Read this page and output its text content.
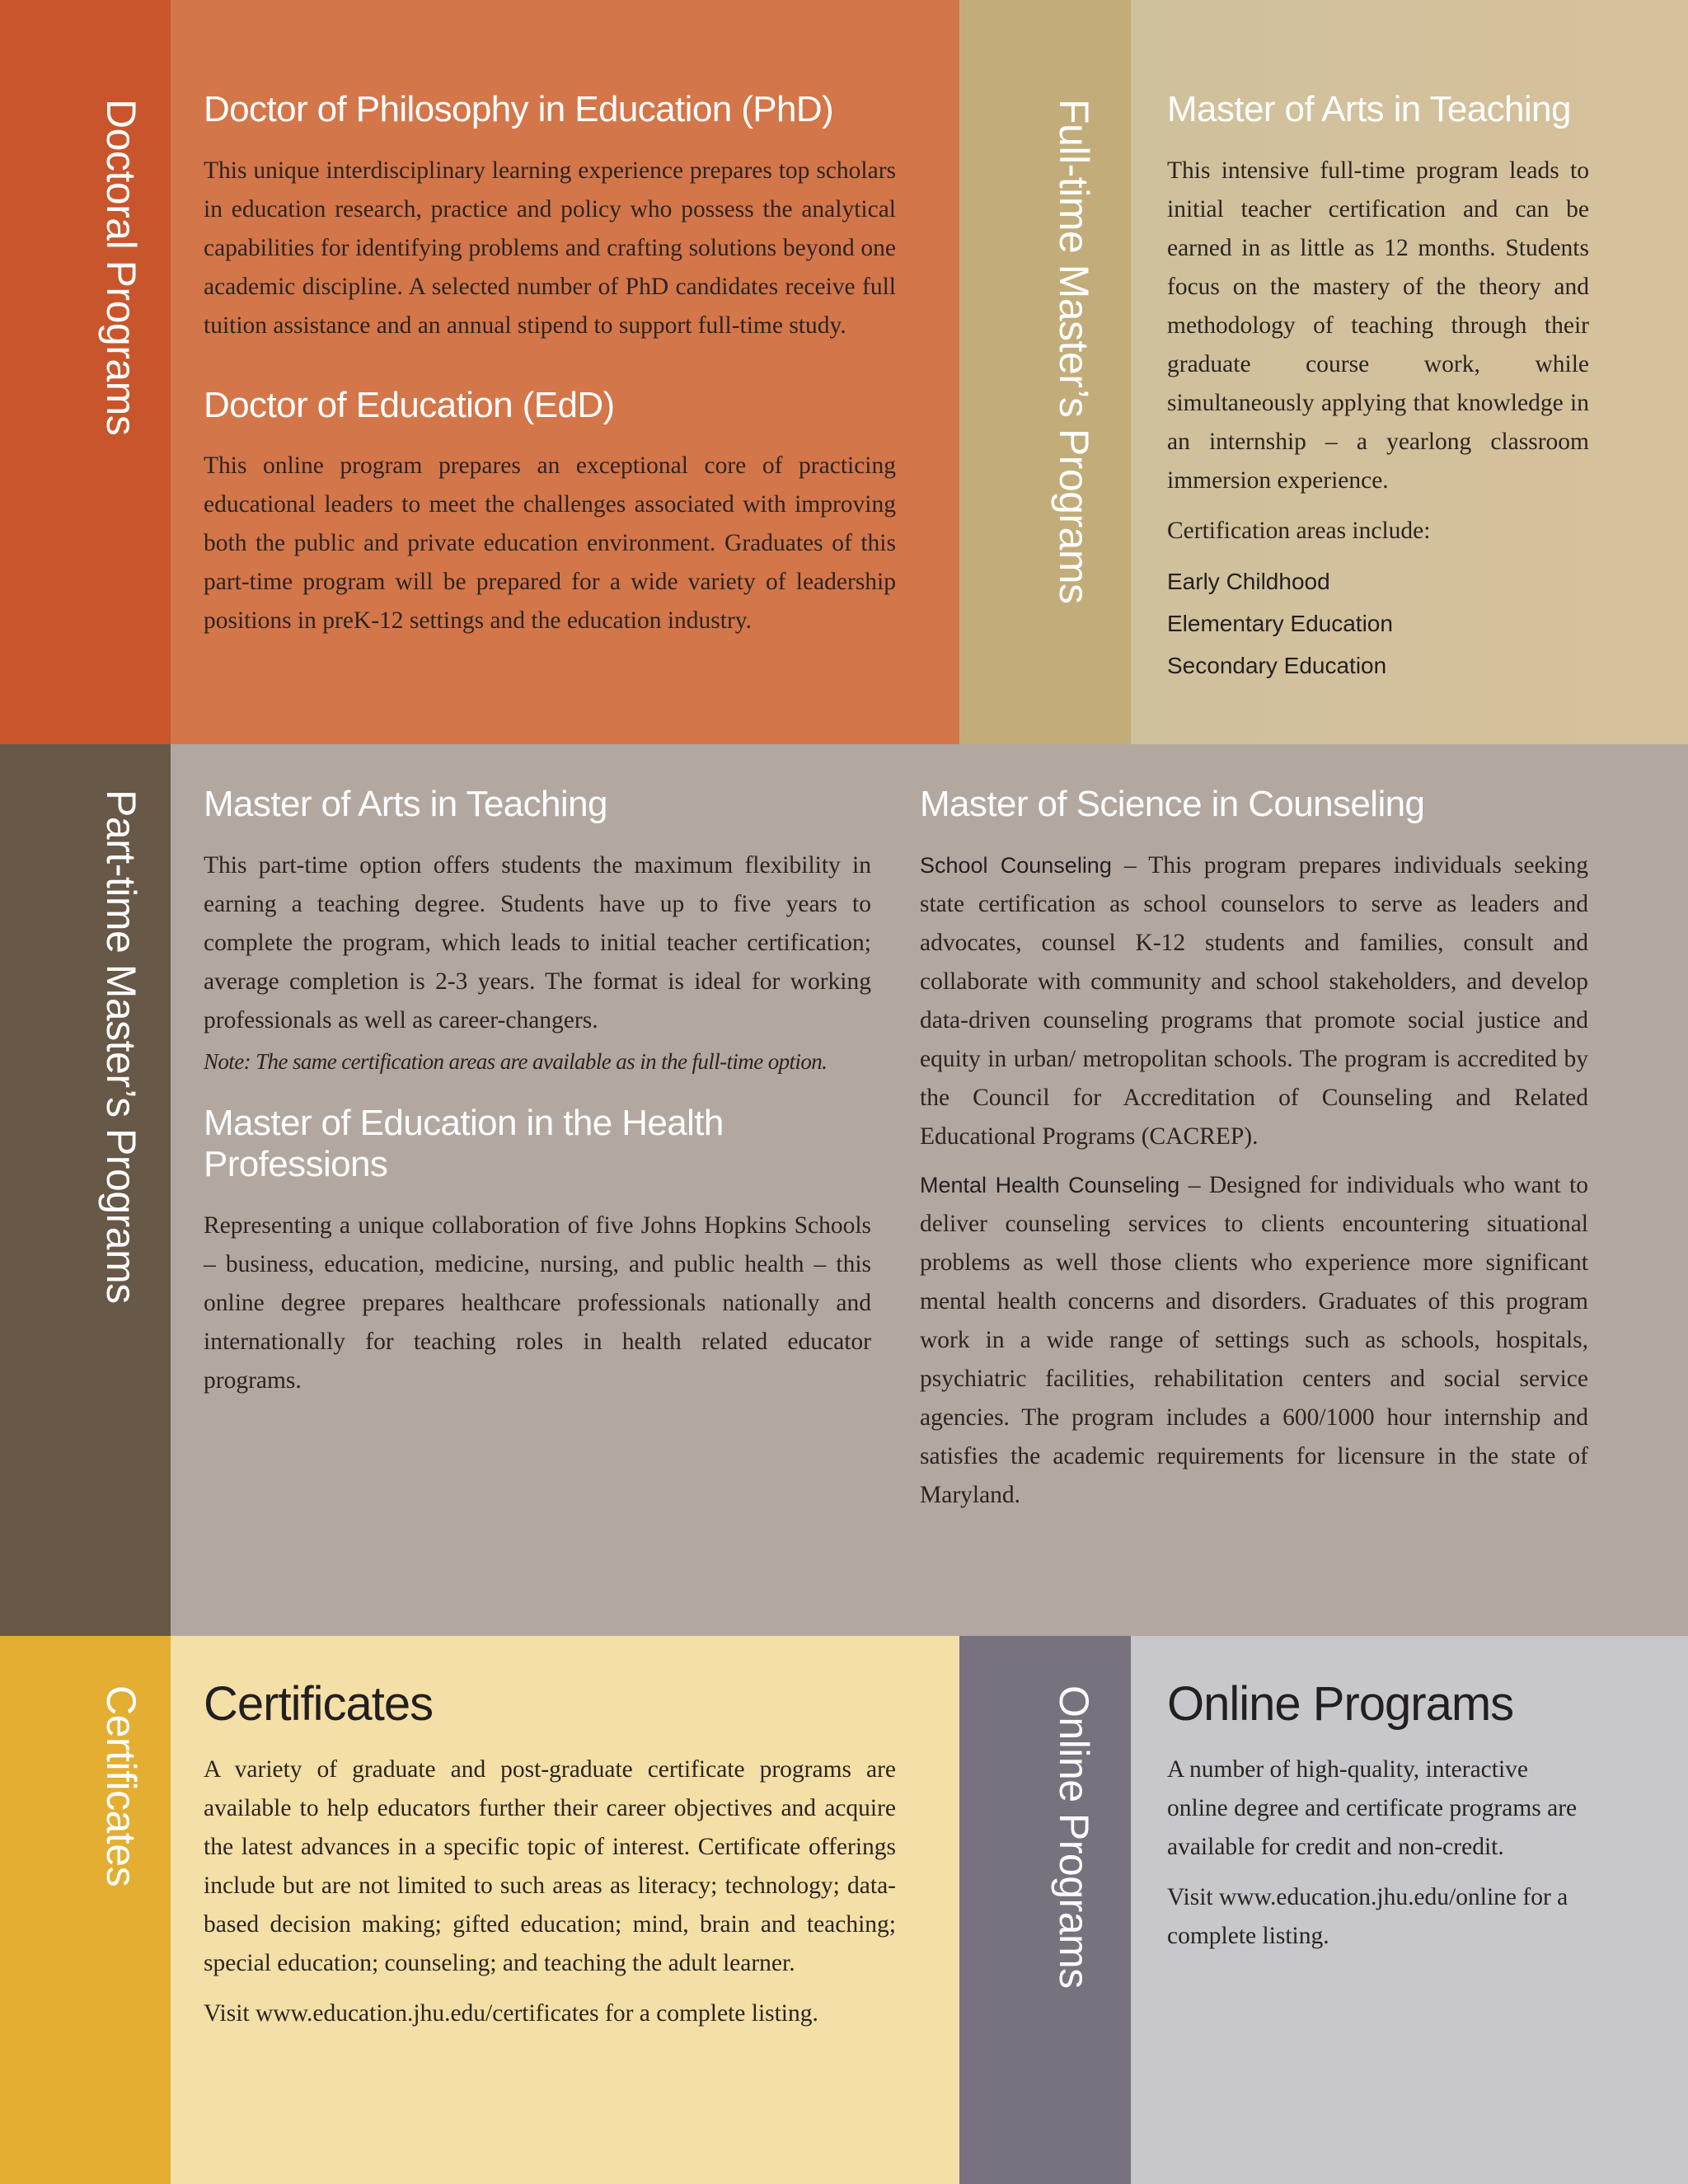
Doctoral Programs Doctor of Philosophy in Education (PhD)

This unique interdisciplinary learning experience prepares top scholars in education research, practice and policy who possess the analytical capabilities for identifying problems and crafting solutions beyond one academic discipline. A selected number of PhD candidates receive full tuition assistance and an annual stipend to support full-time study.

Doctor of Education (EdD)

This online program prepares an exceptional core of practicing educational leaders to meet the challenges associated with improving both the public and private education environment. Graduates of this part-time program will be prepared for a wide variety of leadership positions in preK-12 settings and the education industry.

Full-time Master’s Programs Master of Arts in Teaching

This intensive full-time program leads to initial teacher certification and can be earned in as little as 12 months. Students focus on the mastery of the theory and methodology of teaching through their graduate course work, while simultaneously applying that knowledge in an internship – a yearlong classroom immersion experience.

Certification areas include:

Early Childhood
Elementary Education
Secondary Education
Part-time Master’s Programs Master of Arts in Teaching

This part-time option offers students the maximum flexibility in earning a teaching degree. Students have up to five years to complete the program, which leads to initial teacher certification; average completion is 2-3 years. The format is ideal for working professionals as well as career-changers.

Note: The same certification areas are available as in the full-time option.

Master of Education in the Health Professions

Representing a unique collaboration of five Johns Hopkins Schools – business, education, medicine, nursing, and public health – this online degree prepares healthcare professionals nationally and internationally for teaching roles in health related educator programs.

Master of Science in Counseling

School Counseling – This program prepares individuals seeking state certification as school counselors to serve as leaders and advocates, counsel K-12 students and families, consult and collaborate with community and school stakeholders, and develop data-driven counseling programs that promote social justice and equity in urban/ metropolitan schools. The program is accredited by the Council for Accreditation of Counseling and Related Educational Programs (CACREP).

Mental Health Counseling – Designed for individuals who want to deliver counseling services to clients encountering situational problems as well those clients who experience more significant mental health concerns and disorders. Graduates of this program work in a wide range of settings such as schools, hospitals, psychiatric facilities, rehabilitation centers and social service agencies. The program includes a 600/1000 hour internship and satisfies the academic requirements for licensure in the state of Maryland.

Certificates Certificates

A variety of graduate and post-graduate certificate programs are available to help educators further their career objectives and acquire the latest advances in a specific topic of interest. Certificate offerings include but are not limited to such areas as literacy; technology; data-based decision making; gifted education; mind, brain and teaching; special education; counseling; and teaching the adult learner.

Visit www.education.jhu.edu/certificates for a complete listing.

Online Programs Online Programs

A number of high-quality, interactive online degree and certificate programs are available for credit and non-credit.

Visit www.education.jhu.edu/online for a complete listing.
